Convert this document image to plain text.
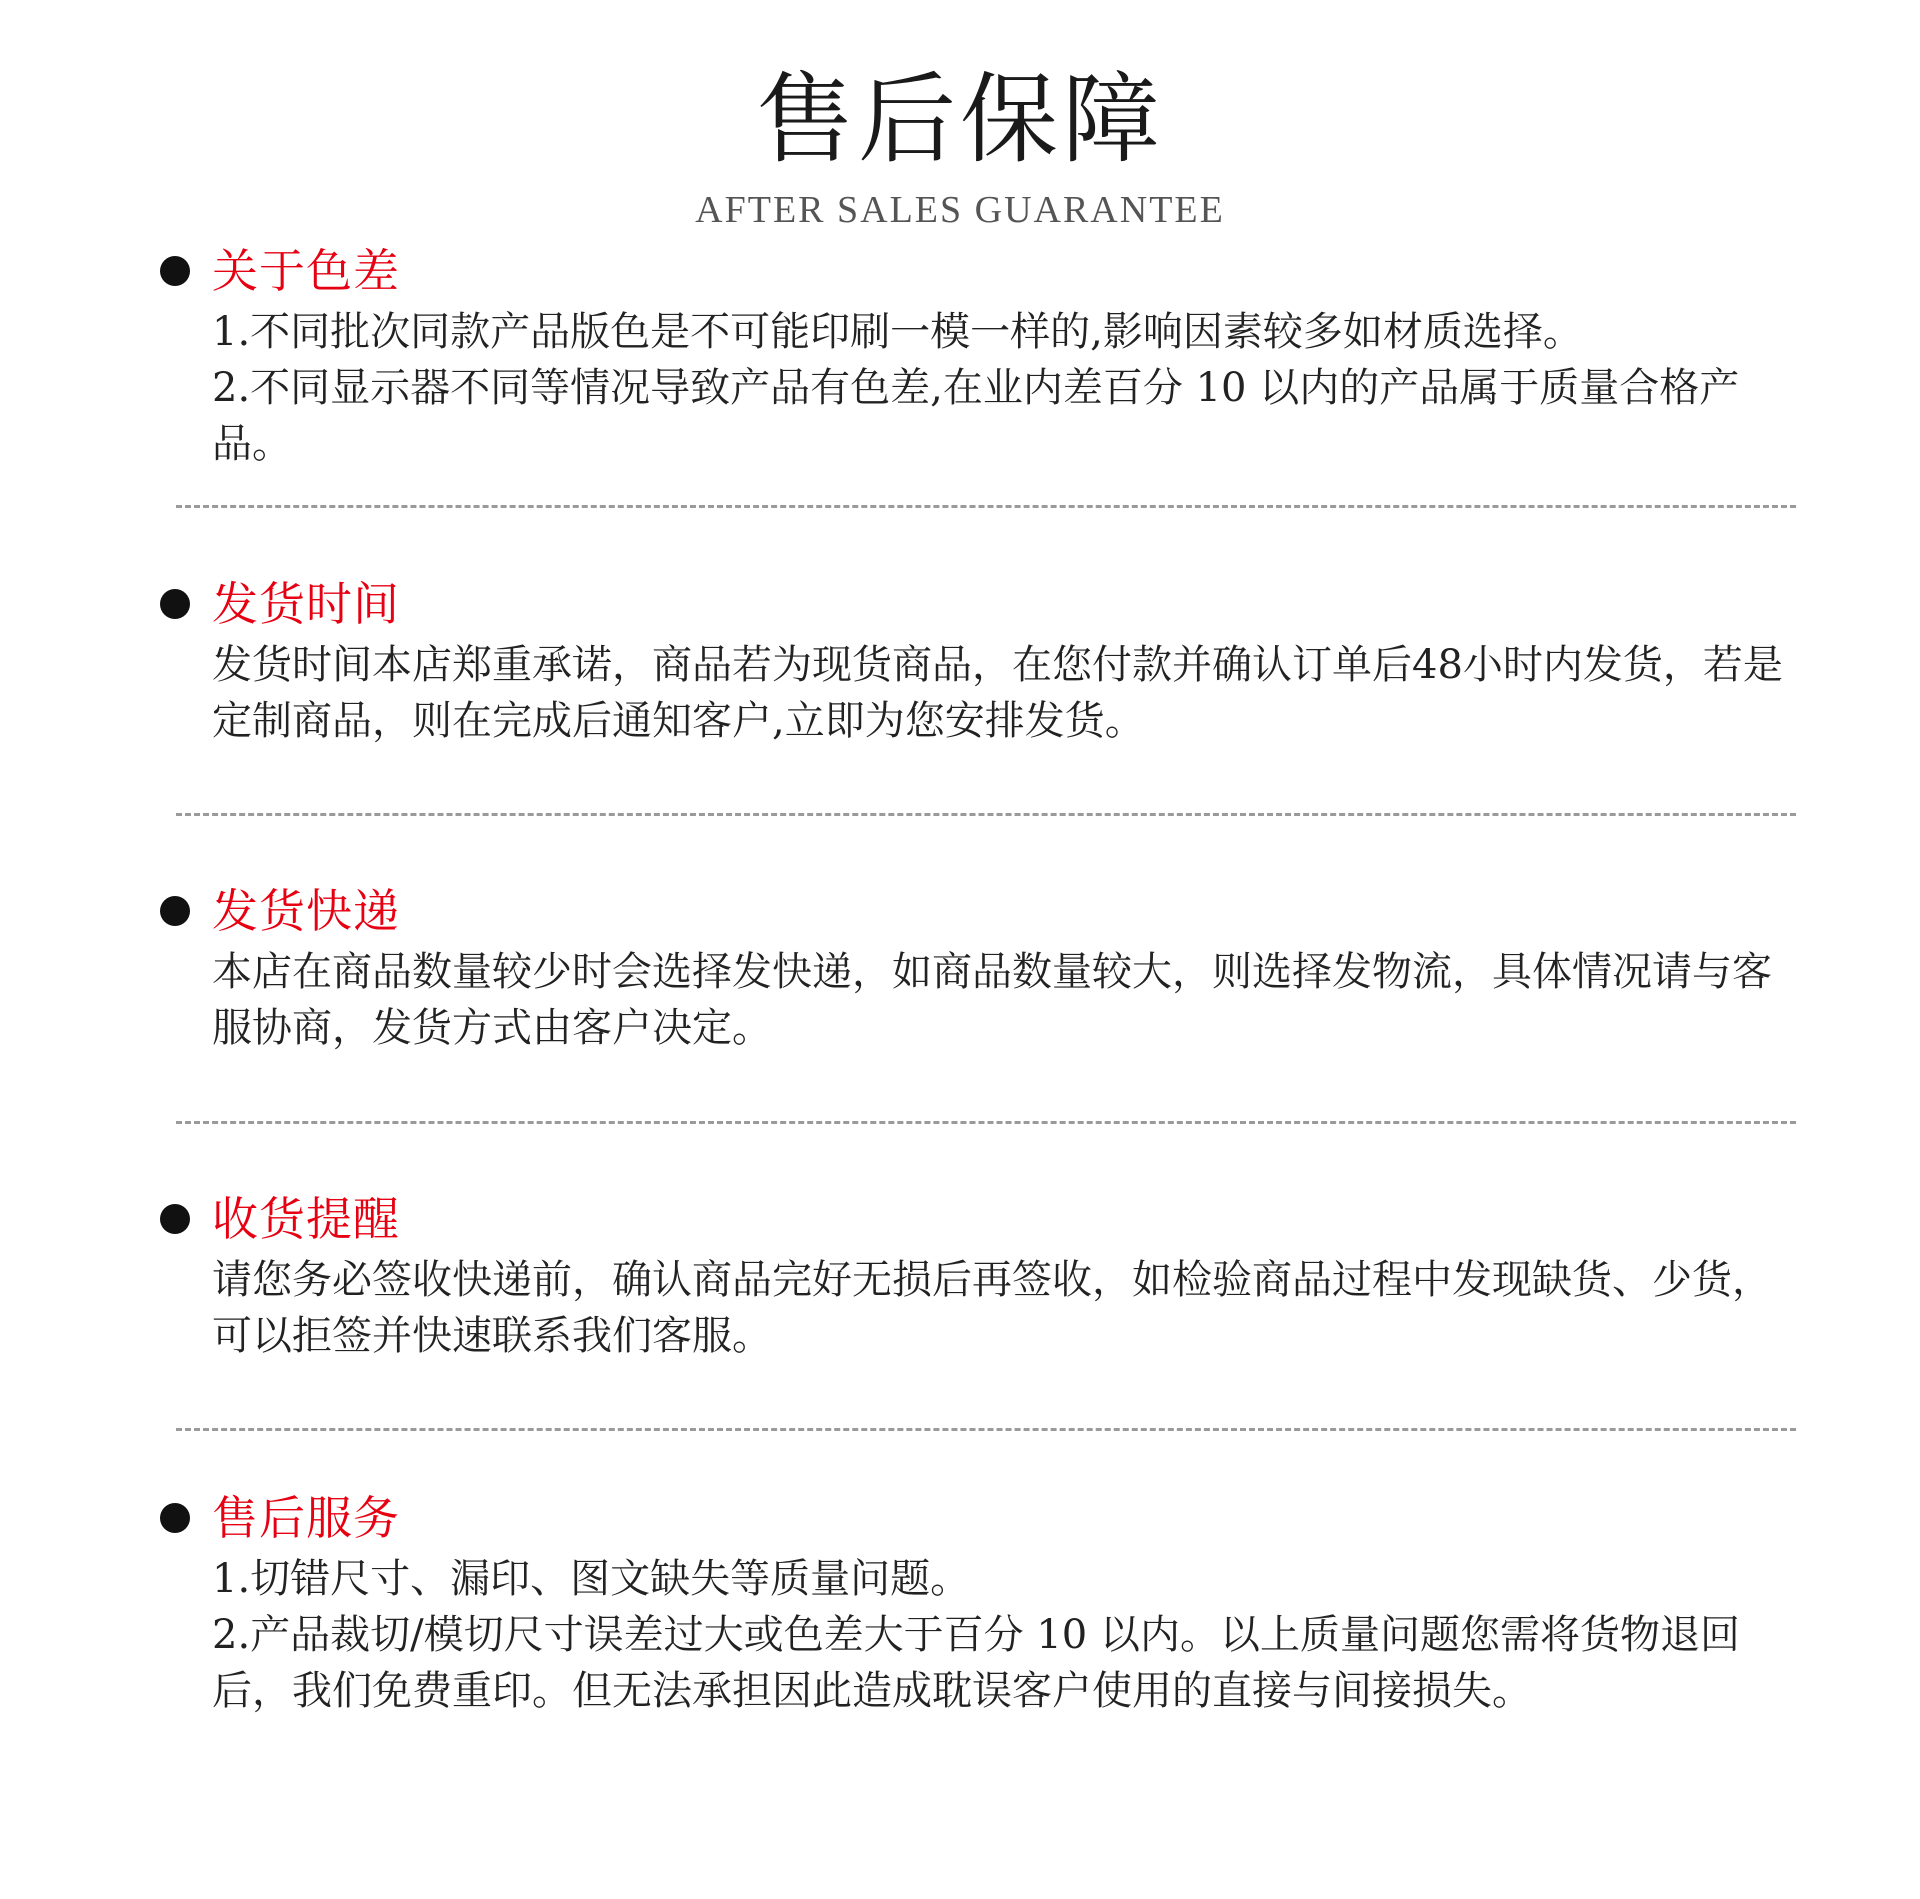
售后保障
AFTER SALES GUARANTEE
关于色差

1.不同批次同款产品版色是不可能印刷一模一样的,影响因素较多如材质选择。

2.不同显示器不同等情况导致产品有色差,在业内差百分 10 以内的产品属于质量合格产品。

发货时间

发货时间本店郑重承诺，商品若为现货商品，在您付款并确认订单后48小时内发货，若是定制商品，则在完成后通知客户,立即为您安排发货。

发货快递

本店在商品数量较少时会选择发快递，如商品数量较大，则选择发物流，具体情况请与客服协商，发货方式由客户决定。

收货提醒

请您务必签收快递前，确认商品完好无损后再签收，如检验商品过程中发现缺货、少货，可以拒签并快速联系我们客服。

售后服务

1.切错尺寸、漏印、图文缺失等质量问题。

2.产品裁切/模切尺寸误差过大或色差大于百分 10 以内。以上质量问题您需将货物退回后，我们免费重印。但无法承担因此造成耽误客户使用的直接与间接损失。
